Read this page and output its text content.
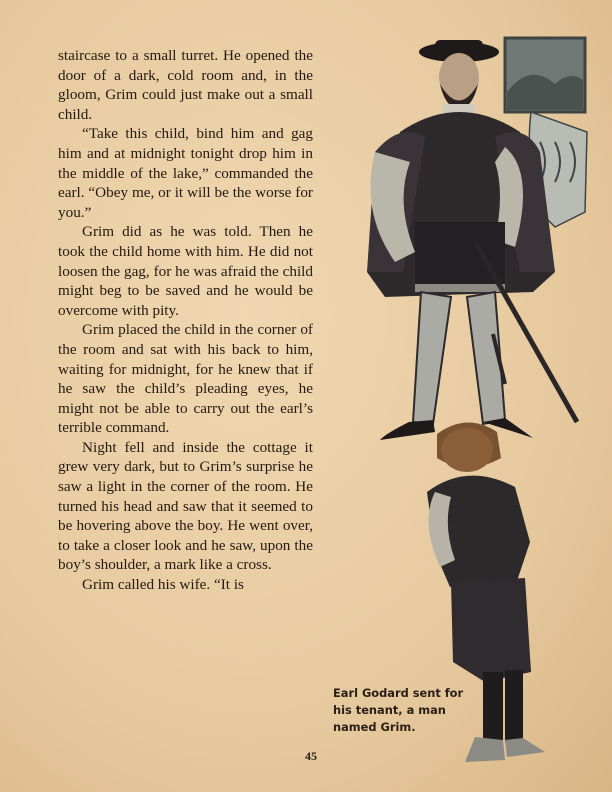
staircase to a small turret. He opened the door of a dark, cold room and, in the gloom, Grim could just make out a small child.

“Take this child, bind him and gag him and at midnight tonight drop him in the middle of the lake,” commanded the earl. “Obey me, or it will be the worse for you.”

Grim did as he was told. Then he took the child home with him. He did not loosen the gag, for he was afraid the child might beg to be saved and he would be overcome with pity.

Grim placed the child in the corner of the room and sat with his back to him, waiting for midnight, for he knew that if he saw the child’s pleading eyes, he might not be able to carry out the earl’s terrible command.

Night fell and inside the cottage it grew very dark, but to Grim’s surprise he saw a light in the corner of the room. He turned his head and saw that it seemed to be hovering above the boy. He went over, to take a closer look and he saw, upon the boy’s shoulder, a mark like a cross.

Grim called his wife. “It is

Earl Godard sent for his tenant, a man named Grim.
45
